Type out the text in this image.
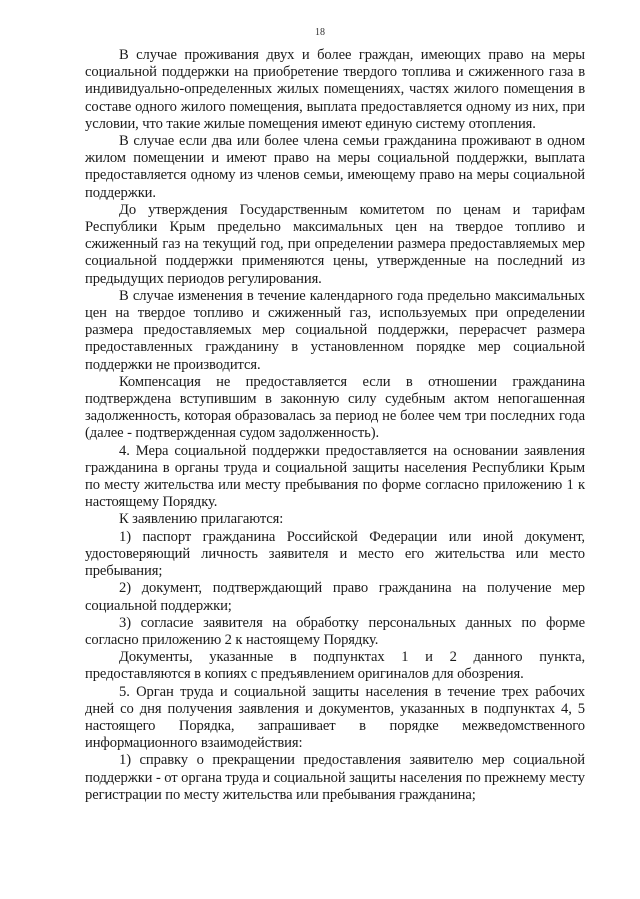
18

В случае проживания двух и более граждан, имеющих право на меры социальной поддержки на приобретение твердого топлива и сжиженного газа в индивидуально-определенных жилых помещениях, частях жилого помещения в составе одного жилого помещения, выплата предоставляется одному из них, при условии, что такие жилые помещения имеют единую систему отопления.

В случае если два или более члена семьи гражданина проживают в одном жилом помещении и имеют право на меры социальной поддержки, выплата предоставляется одному из членов семьи, имеющему право на меры социальной поддержки.

До утверждения Государственным комитетом по ценам и тарифам Республики Крым предельно максимальных цен на твердое топливо и сжиженный газ на текущий год, при определении размера предоставляемых мер социальной поддержки применяются цены, утвержденные на последний из предыдущих периодов регулирования.

В случае изменения в течение календарного года предельно максимальных цен на твердое топливо и сжиженный газ, используемых при определении размера предоставляемых мер социальной поддержки, перерасчет размера предоставленных гражданину в установленном порядке мер социальной поддержки не производится.

Компенсация не предоставляется если в отношении гражданина подтверждена вступившим в законную силу судебным актом непогашенная задолженность, которая образовалась за период не более чем три последних года (далее - подтвержденная судом задолженность).

4. Мера социальной поддержки предоставляется на основании заявления гражданина в органы труда и социальной защиты населения Республики Крым по месту жительства или месту пребывания по форме согласно приложению 1 к настоящему Порядку.

К заявлению прилагаются:

1) паспорт гражданина Российской Федерации или иной документ, удостоверяющий личность заявителя и место его жительства или место пребывания;

2) документ, подтверждающий право гражданина на получение мер социальной поддержки;

3) согласие заявителя на обработку персональных данных по форме согласно приложению 2 к настоящему Порядку.

Документы, указанные в подпунктах 1 и 2 данного пункта, предоставляются в копиях с предъявлением оригиналов для обозрения.

5. Орган труда и социальной защиты населения в течение трех рабочих дней со дня получения заявления и документов, указанных в подпунктах 4, 5 настоящего Порядка, запрашивает в порядке межведомственного информационного взаимодействия:

1) справку о прекращении предоставления заявителю мер социальной поддержки - от органа труда и социальной защиты населения по прежнему месту регистрации по месту жительства или пребывания гражданина;
